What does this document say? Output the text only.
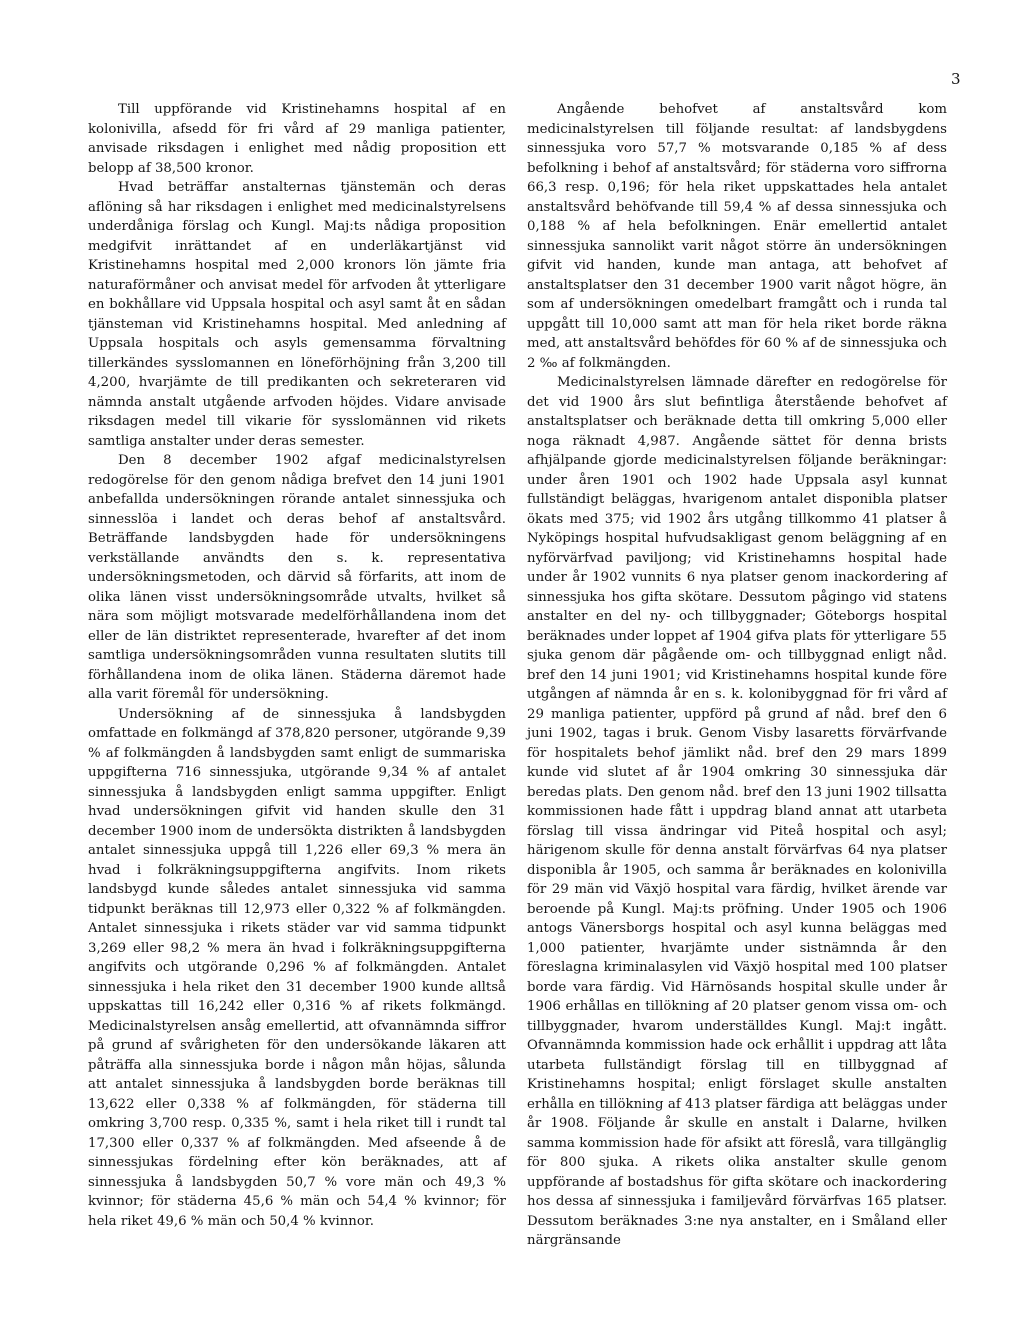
3

Till uppförande vid Kristinehamns hospital af en kolonivilla, afsedd för fri vård af 29 manliga patienter, anvisade riksdagen i enlighet med nådig proposition ett belopp af 38,500 kronor.

Hvad beträffar anstalternas tjänstemän och deras aflöning så har riksdagen i enlighet med medicinalstyrelsens underdåniga förslag och Kungl. Maj:ts nådiga proposition medgifvit inrättandet af en underläkartjänst vid Kristinehamns hospital med 2,000 kronors lön jämte fria naturaförmåner och anvisat medel för arfvoden åt ytterligare en bokhållare vid Uppsala hospital och asyl samt åt en sådan tjänsteman vid Kristinehamns hospital. Med anledning af Uppsala hospitals och asyls gemensamma förvaltning tillerkändes sysslomannen en löneförhöjning från 3,200 till 4,200, hvarjämte de till predikanten och sekreteraren vid nämnda anstalt utgående arfvoden höjdes. Vidare anvisade riksdagen medel till vikarie för sysslomännen vid rikets samtliga anstalter under deras semester.

Den 8 december 1902 afgaf medicinalstyrelsen redogörelse för den genom nådiga brefvet den 14 juni 1901 anbefallda undersökningen rörande antalet sinnessjuka och sinnesslöa i landet och deras behof af anstaltsvård. Beträffande landsbygden hade för undersökningens verkställande användts den s. k. representativa undersökningsmetoden, och därvid så förfarits, att inom de olika länen visst undersökningsområde utvalts, hvilket så nära som möjligt motsvarade medelförhållandena inom det eller de län distriktet representerade, hvarefter af det inom samtliga undersökningsområden vunna resultaten slutits till förhållandena inom de olika länen. Städerna däremot hade alla varit föremål för undersökning.

Undersökning af de sinnessjuka å landsbygden omfattade en folkmängd af 378,820 personer, utgörande 9,39 % af folkmängden å landsbygden samt enligt de summariska uppgifterna 716 sinnessjuka, utgörande 9,34 % af antalet sinnessjuka å landsbygden enligt samma uppgifter. Enligt hvad undersökningen gifvit vid handen skulle den 31 december 1900 inom de undersökta distrikten å landsbygden antalet sinnessjuka uppgå till 1,226 eller 69,3 % mera än hvad i folkräkningsuppgifterna angifvits. Inom rikets landsbygd kunde således antalet sinnessjuka vid samma tidpunkt beräknas till 12,973 eller 0,322 % af folkmängden. Antalet sinnessjuka i rikets städer var vid samma tidpunkt 3,269 eller 98,2 % mera än hvad i folkräkningsuppgifterna angifvits och utgörande 0,296 % af folkmängden. Antalet sinnessjuka i hela riket den 31 december 1900 kunde alltså uppskattas till 16,242 eller 0,316 % af rikets folkmängd. Medicinalstyrelsen ansåg emellertid, att ofvannämnda siffror på grund af svårigheten för den undersökande läkaren att påträffa alla sinnessjuka borde i någon mån höjas, sålunda att antalet sinnessjuka å landsbygden borde beräknas till 13,622 eller 0,338 % af folkmängden, för städerna till omkring 3,700 resp. 0,335 %, samt i hela riket till i rundt tal 17,300 eller 0,337 % af folkmängden. Med afseende å de sinnessjukas fördelning efter kön beräknades, att af sinnessjuka å landsbygden 50,7 % vore män och 49,3 % kvinnor; för städerna 45,6 % män och 54,4 % kvinnor; för hela riket 49,6 % män och 50,4 % kvinnor.

Angående behofvet af anstaltsvård kom medicinalstyrelsen till följande resultat: af landsbygdens sinnessjuka voro 57,7 % motsvarande 0,185 % af dess befolkning i behof af anstaltsvård; för städerna voro siffrorna 66,3 resp. 0,196; för hela riket uppskattades hela antalet anstaltsvård behöfvande till 59,4 % af dessa sinnessjuka och 0,188 % af hela befolkningen. Enär emellertid antalet sinnessjuka sannolikt varit något större än undersökningen gifvit vid handen, kunde man antaga, att behofvet af anstaltsplatser den 31 december 1900 varit något högre, än som af undersökningen omedelbart framgått och i runda tal uppgått till 10,000 samt att man för hela riket borde räkna med, att anstaltsvård behöfdes för 60 % af de sinnessjuka och 2 ‰ af folkmängden.

Medicinalstyrelsen lämnade därefter en redogörelse för det vid 1900 års slut befintliga återstående behofvet af anstaltsplatser och beräknade detta till omkring 5,000 eller noga räknadt 4,987. Angående sättet för denna brists afhjälpande gjorde medicinalstyrelsen följande beräkningar: under åren 1901 och 1902 hade Uppsala asyl kunnat fullständigt beläggas, hvarigenom antalet disponibla platser ökats med 375; vid 1902 års utgång tillkommo 41 platser å Nyköpings hospital hufvudsakligast genom beläggning af en nyförvärfvad paviljong; vid Kristinehamns hospital hade under år 1902 vunnits 6 nya platser genom inackordering af sinnessjuka hos gifta skötare. Dessutom pågingo vid statens anstalter en del ny- och tillbyggnader; Göteborgs hospital beräknades under loppet af 1904 gifva plats för ytterligare 55 sjuka genom där pågående om- och tillbyggnad enligt nåd. bref den 14 juni 1901; vid Kristinehamns hospital kunde före utgången af nämnda år en s. k. kolonibyggnad för fri vård af 29 manliga patienter, uppförd på grund af nåd. bref den 6 juni 1902, tagas i bruk. Genom Visby lasaretts förvärfvande för hospitalets behof jämlikt nåd. bref den 29 mars 1899 kunde vid slutet af år 1904 omkring 30 sinnessjuka där beredas plats. Den genom nåd. bref den 13 juni 1902 tillsatta kommissionen hade fått i uppdrag bland annat att utarbeta förslag till vissa ändringar vid Piteå hospital och asyl; härigenom skulle för denna anstalt förvärfvas 64 nya platser disponibla år 1905, och samma år beräknades en kolonivilla för 29 män vid Växjö hospital vara färdig, hvilket ärende var beroende på Kungl. Maj:ts pröfning. Under 1905 och 1906 antogs Vänersborgs hospital och asyl kunna beläggas med 1,000 patienter, hvarjämte under sistnämnda år den föreslagna kriminalasylen vid Växjö hospital med 100 platser borde vara färdig. Vid Härnösands hospital skulle under år 1906 erhållas en tillökning af 20 platser genom vissa om- och tillbyggnader, hvarom underställdes Kungl. Maj:t ingått. Ofvannämnda kommission hade ock erhållit i uppdrag att låta utarbeta fullständigt förslag till en tillbyggnad af Kristinehamns hospital; enligt förslaget skulle anstalten erhålla en tillökning af 413 platser färdiga att beläggas under år 1908. Följande år skulle en anstalt i Dalarne, hvilken samma kommission hade för afsikt att föreslå, vara tillgänglig för 800 sjuka. A rikets olika anstalter skulle genom uppförande af bostadshus för gifta skötare och inackordering hos dessa af sinnessjuka i familjevård förvärfvas 165 platser. Dessutom beräknades 3:ne nya anstalter, en i Småland eller närgränsande
